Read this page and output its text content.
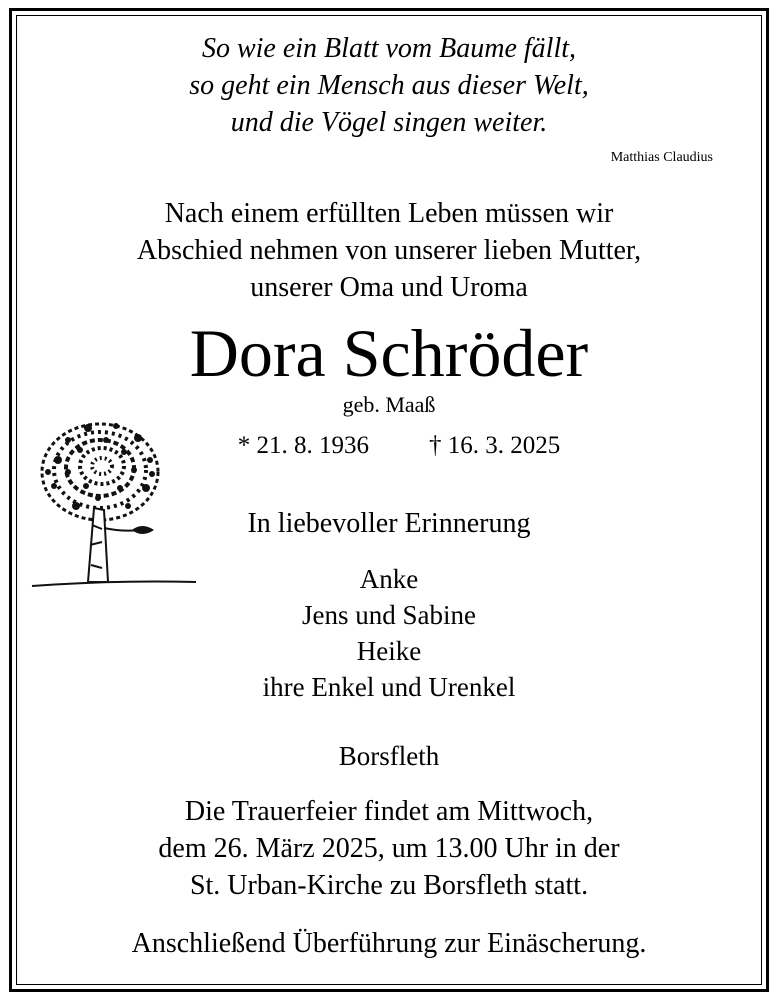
So wie ein Blatt vom Baume fällt,
so geht ein Mensch aus dieser Welt,
und die Vögel singen weiter.
Matthias Claudius
Nach einem erfüllten Leben müssen wir
Abschied nehmen von unserer lieben Mutter,
unserer Oma und Uroma
Dora Schröder
geb. Maaß
* 21. 8. 1936 † 16. 3. 2025
In liebevoller Erinnerung
Anke
Jens und Sabine
Heike
ihre Enkel und Urenkel
Borsfleth
Die Trauerfeier findet am Mittwoch,
dem 26. März 2025, um 13.00 Uhr in der
St. Urban-Kirche zu Borsfleth statt.
Anschließend Überführung zur Einäscherung.
